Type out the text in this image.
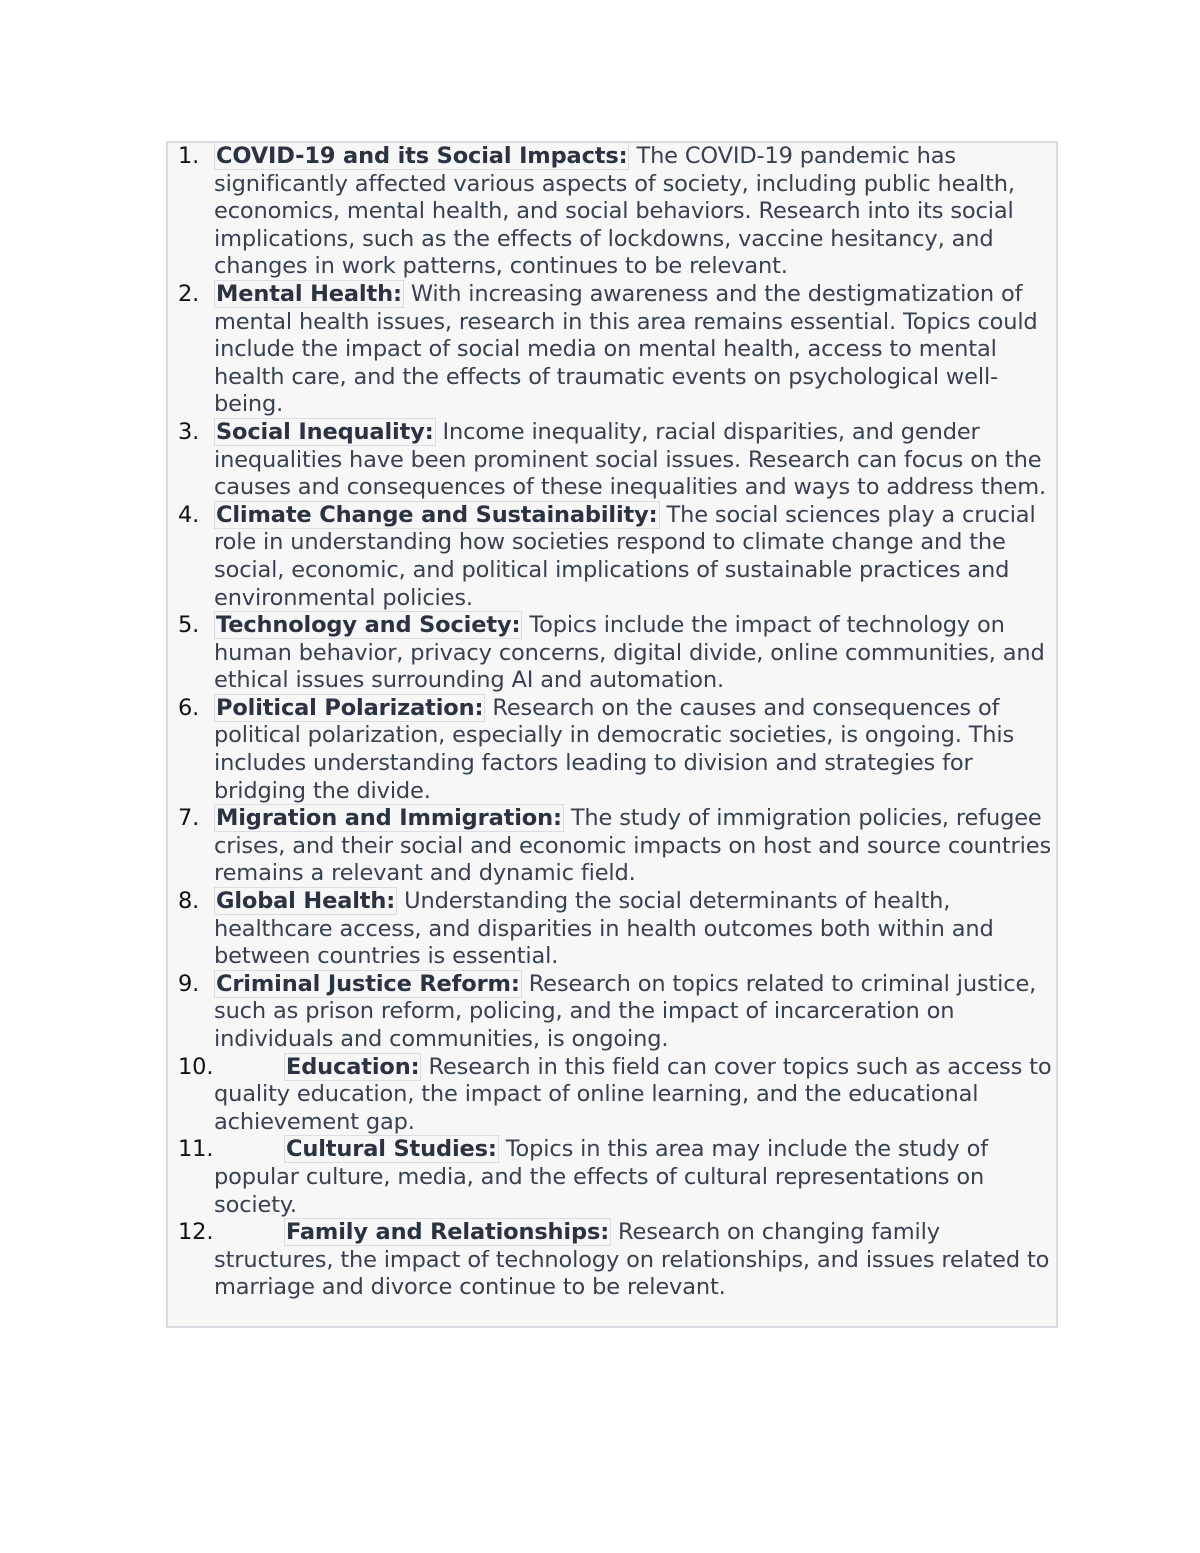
1. COVID-19 and its Social Impacts: The COVID-19 pandemic has significantly affected various aspects of society, including public health, economics, mental health, and social behaviors. Research into its social implications, such as the effects of lockdowns, vaccine hesitancy, and changes in work patterns, continues to be relevant.
2. Mental Health: With increasing awareness and the destigmatization of mental health issues, research in this area remains essential. Topics could include the impact of social media on mental health, access to mental health care, and the effects of traumatic events on psychological well-being.
3. Social Inequality: Income inequality, racial disparities, and gender inequalities have been prominent social issues. Research can focus on the causes and consequences of these inequalities and ways to address them.
4. Climate Change and Sustainability: The social sciences play a crucial role in understanding how societies respond to climate change and the social, economic, and political implications of sustainable practices and environmental policies.
5. Technology and Society: Topics include the impact of technology on human behavior, privacy concerns, digital divide, online communities, and ethical issues surrounding AI and automation.
6. Political Polarization: Research on the causes and consequences of political polarization, especially in democratic societies, is ongoing. This includes understanding factors leading to division and strategies for bridging the divide.
7. Migration and Immigration: The study of immigration policies, refugee crises, and their social and economic impacts on host and source countries remains a relevant and dynamic field.
8. Global Health: Understanding the social determinants of health, healthcare access, and disparities in health outcomes both within and between countries is essential.
9. Criminal Justice Reform: Research on topics related to criminal justice, such as prison reform, policing, and the impact of incarceration on individuals and communities, is ongoing.
10.	Education: Research in this field can cover topics such as access to quality education, the impact of online learning, and the educational achievement gap.
11.	Cultural Studies: Topics in this area may include the study of popular culture, media, and the effects of cultural representations on society.
12.	Family and Relationships: Research on changing family structures, the impact of technology on relationships, and issues related to marriage and divorce continue to be relevant.
